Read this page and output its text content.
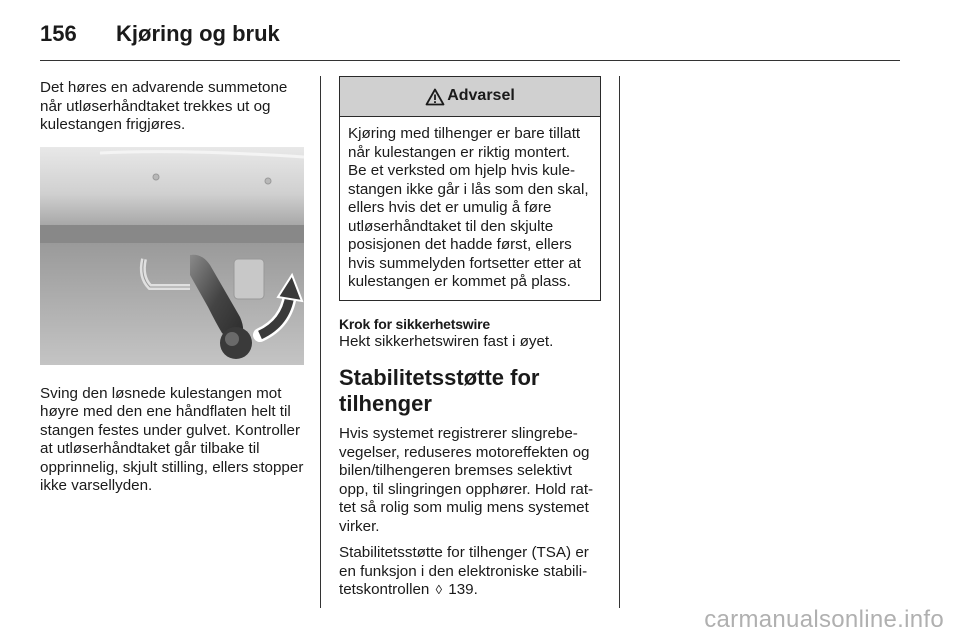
156	Kjøring og bruk

Det høres en advarende summetone når utløserhåndtaket trekkes ut og kulestangen frigjøres.

Sving den løsnede kulestangen mot høyre med den ene håndflaten helt til stangen festes under gulvet. Kontroller at utløserhåndtaket går tilbake til opprinnelig, skjult stilling, ellers stopper ikke varsellyden.

Advarsel
Kjøring med tilhenger er bare tillatt når kulestangen er riktig montert. Be et verksted om hjelp hvis kulestangen ikke går i lås som den skal, ellers hvis det er umulig å føre utløserhåndtaket til den skjulte posisjonen det hadde først, ellers hvis summelyden fortsetter etter at kulestangen er kommet på plass.
Krok for sikkerhetswire

Hekt sikkerhetswiren fast i øyet.

Stabilitetsstøtte for tilhenger

Hvis systemet registrerer slingrebevegelser, reduseres motoreffekten og bilen/tilhengeren bremses selektivt opp, til slingringen opphører. Hold rattet så rolig som mulig mens systemet virker.

Stabilitetsstøtte for tilhenger (TSA) er en funksjon i den elektroniske stabilitetskontrollen ◊ 139.

carmanualsonline.info
